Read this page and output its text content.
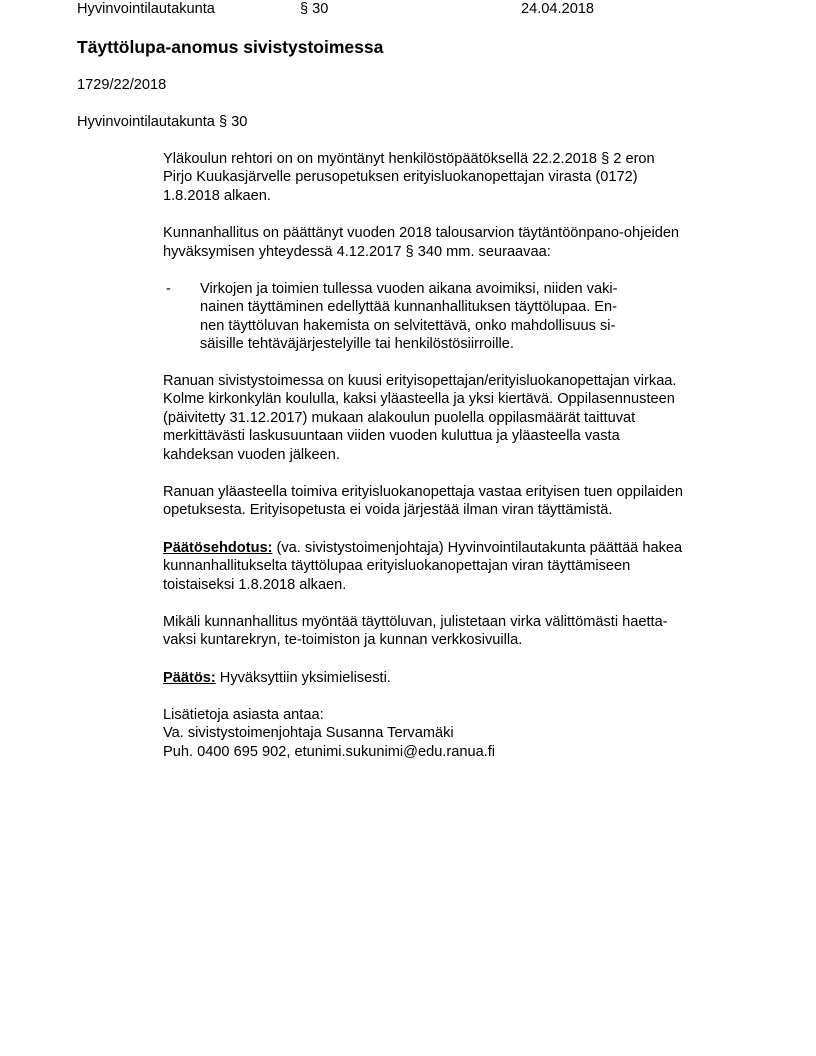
Hyvinvointilautakunta	§ 30	24.04.2018
Täyttölupa-anomus sivistystoimessa
1729/22/2018
Hyvinvointilautakunta § 30
Yläkoulun rehtori on on myöntänyt henkilöstöpäätöksellä 22.2.2018 § 2 eron
Pirjo Kuukasjärvelle perusopetuksen erityisluokanopettajan virasta (0172)
1.8.2018 alkaen.
Kunnanhallitus on päättänyt vuoden 2018 talousarvion täytäntöönpano-ohjeiden
hyväksymisen yhteydessä 4.12.2017 § 340 mm. seuraavaa:
- Virkojen ja toimien tullessa vuoden aikana avoimiksi, niiden vaki-
nainen täyttäminen edellyttää kunnanhallituksen täyttölupaa. En-
nen täyttöluvan hakemista on selvitettävä, onko mahdollisuus si-
säisille tehtäväjärjestelyille tai henkilöstösiirroille.
Ranuan sivistystoimessa on kuusi erityisopettajan/erityisluokanopettajan virkaa.
Kolme kirkonkylän koululla, kaksi yläasteella ja yksi kiertävä. Oppilasennusteen
(päivitetty 31.12.2017) mukaan alakoulun puolella oppilasmäärät taittuvat
merkittävästi laskusuuntaan viiden vuoden kuluttua ja yläasteella vasta
kahdeksan vuoden jälkeen.
Ranuan yläasteella toimiva erityisluokanopettaja vastaa erityisen tuen oppilaiden
opetuksesta. Erityisopetusta ei voida järjestää ilman viran täyttämistä.
Päätösehdotus: (va. sivistystoimenjohtaja) Hyvinvointilautakunta päättää hakea
kunnanhallitukselta täyttölupaa erityisluokanopettajan viran täyttämiseen
toistaiseksi 1.8.2018 alkaen.
Mikäli kunnanhallitus myöntää täyttöluvan, julistetaan virka välittömästi haetta-
vaksi kuntarekryn, te-toimiston ja kunnan verkkosivuilla.
Päätös: Hyväksyttiin yksimielisesti.
Lisätietoja asiasta antaa:
Va. sivistystoimenjohtaja Susanna Tervamäki
Puh. 0400 695 902, etunimi.sukunimi@edu.ranua.fi
